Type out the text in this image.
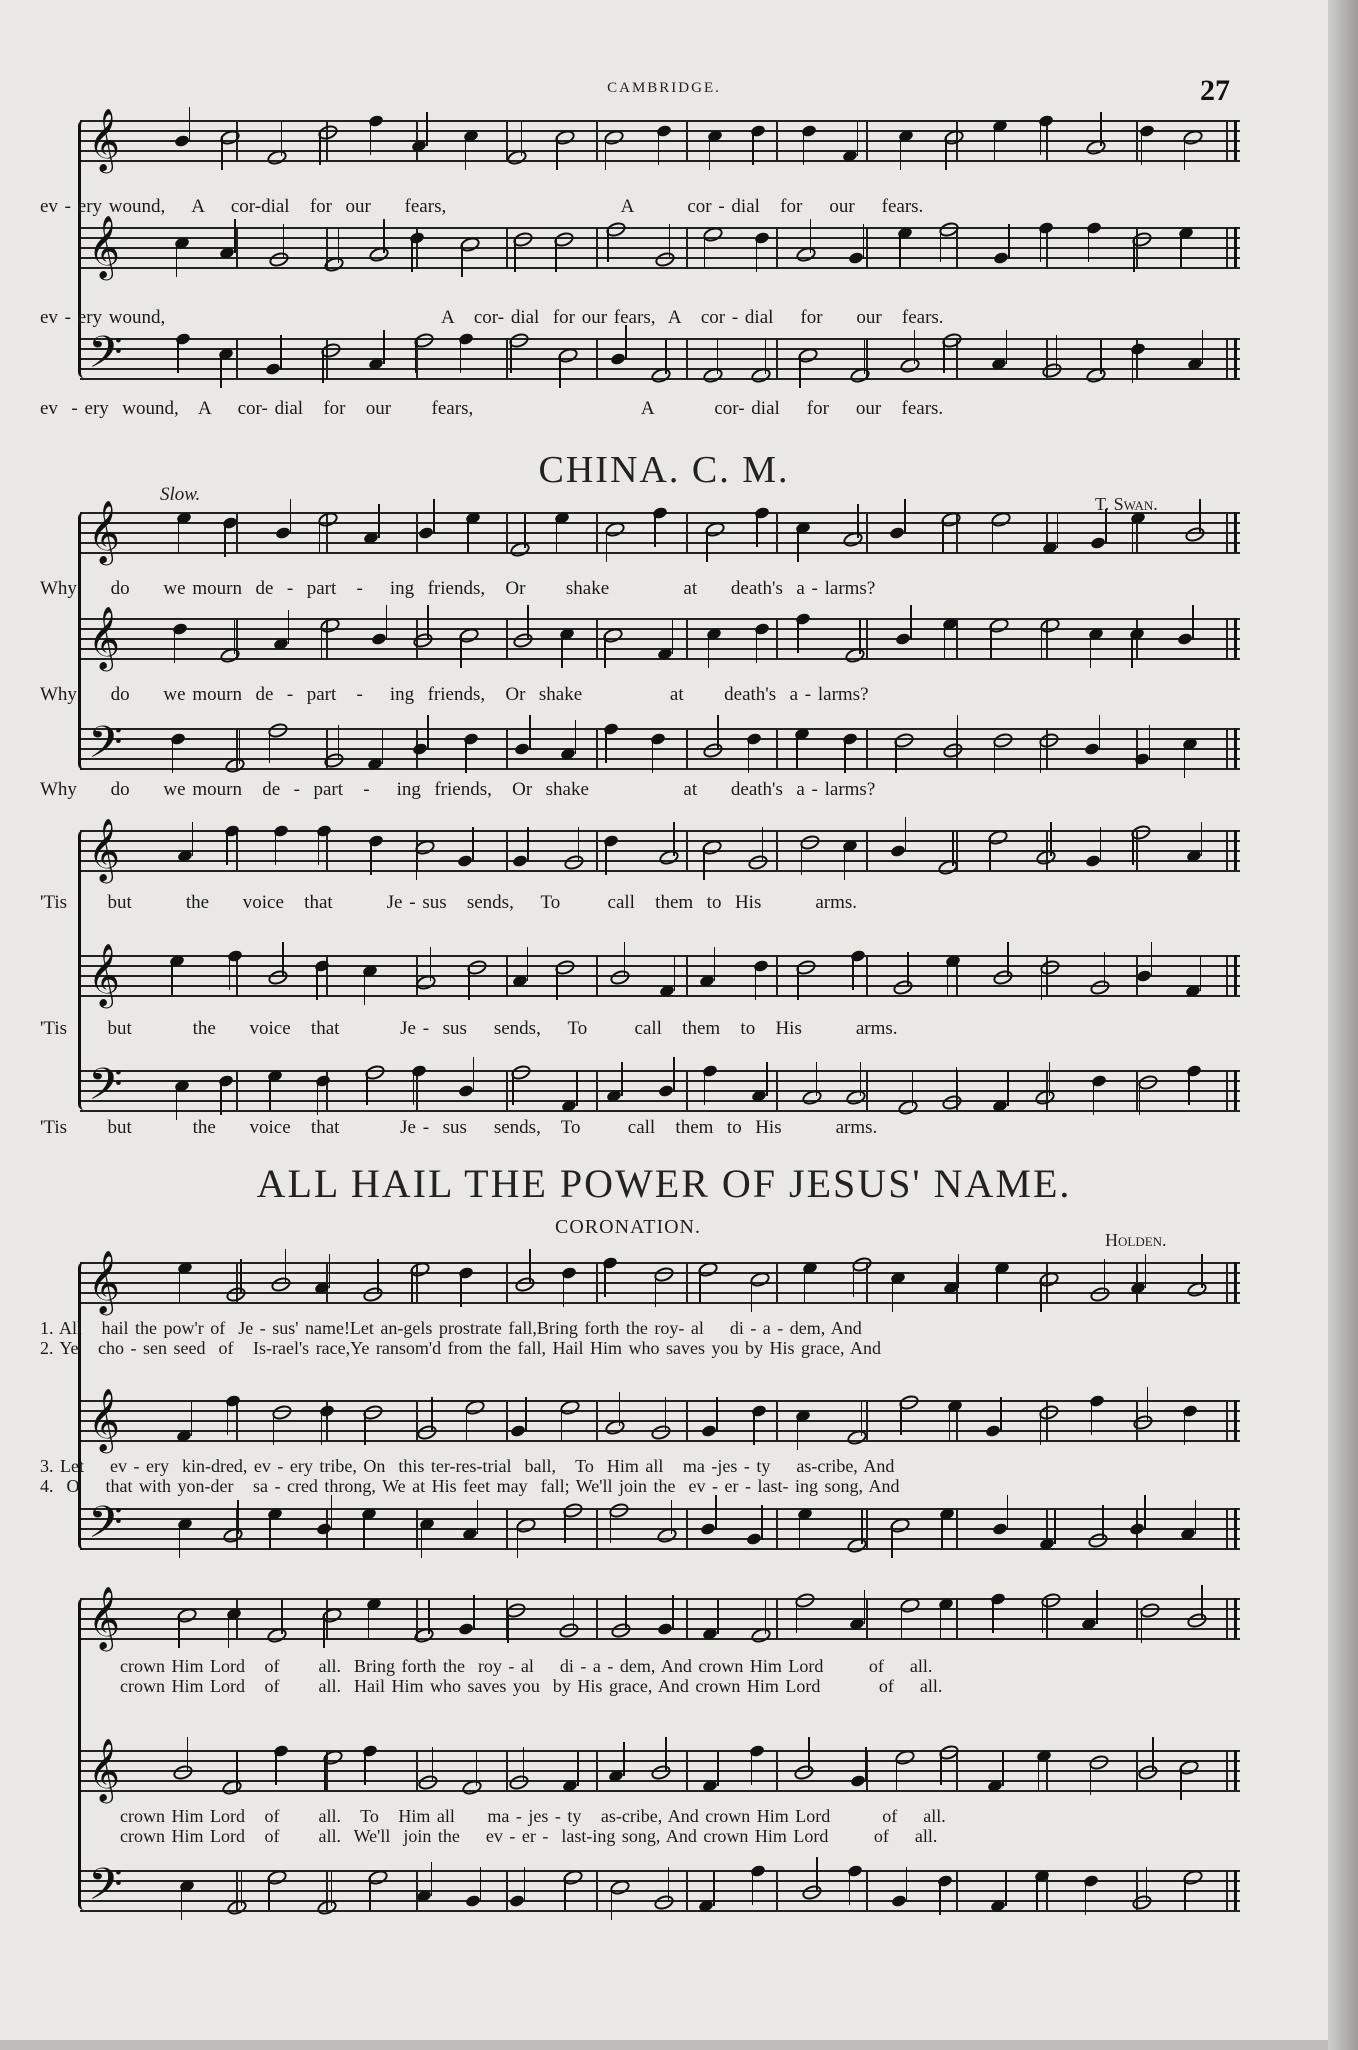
CAMBRIDGE.	27
𝄞
𝄞
𝄢
𝄞
𝄞
𝄢
𝄞
𝄞
𝄢
𝄞
𝄞
𝄢
𝄞
𝄞
𝄢
ev - ery wound,    A    cor-dial   for  our     fears,                          A        cor - dial   for    our    fears.
ev - ery wound,                                         A   cor- dial  for our fears,  A   cor - dial    for     our   fears.
ev  - ery  wound,   A    cor- dial   for   our      fears,                         A         cor- dial    for    our   fears.
CHINA. C. M.
Slow.	T. Swan.
Why     do     we mourn  de  -  part   -    ing  friends,   Or      shake           at     death's  a - larms?
Why     do     we mourn  de  -  part   -    ing  friends,   Or  shake             at      death's  a - larms?
Why     do     we mourn   de  -  part   -    ing  friends,   Or  shake              at     death's  a - larms?
'Tis      but        the     voice   that        Je - sus   sends,    To       call   them  to  His        arms.
'Tis      but         the     voice   that         Je -  sus    sends,    To       call   them   to   His        arms.
'Tis      but         the     voice   that         Je -  sus    sends,   To       call   them  to  His        arms.
ALL HAIL THE POWER OF JESUS' NAME.
CORONATION.
Holden.
1. All   hail the pow'r of  Je - sus' name!Let an-gels prostrate fall,Bring forth the roy- al    di - a - dem, And
2. Ye   cho - sen seed  of   Is-rael's race,Ye ransom'd from the fall, Hail Him who saves you by His grace, And
3. Let    ev - ery  kin-dred, ev - ery tribe, On  this ter-res-trial  ball,   To  Him all   ma -jes - ty    as-cribe, And
4.  O    that with yon-der   sa - cred throng, We at His feet may  fall; We'll join the  ev - er - last- ing song, And
crown Him Lord   of      all.  Bring forth the  roy - al    di - a - dem, And crown Him Lord       of    all.
crown Him Lord   of      all.  Hail Him who saves you  by His grace, And crown Him Lord         of    all.
crown Him Lord   of      all.   To   Him all     ma - jes - ty   as-cribe, And crown Him Lord        of    all.
crown Him Lord   of      all.  We'll  join the    ev - er -  last-ing song, And crown Him Lord       of    all.
